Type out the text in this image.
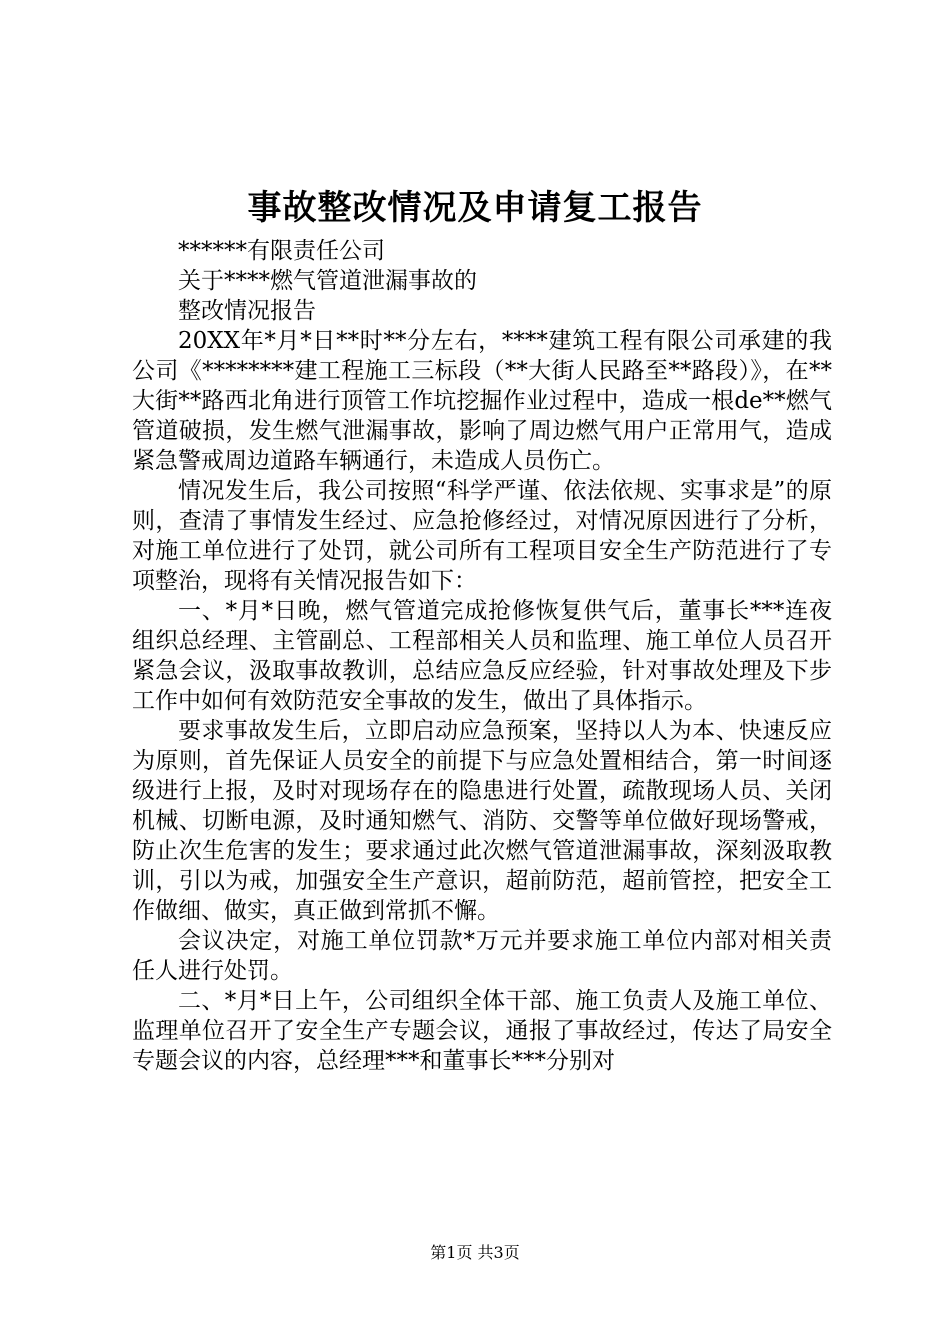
事故整改情况及申请复工报告

******有限责任公司

关于****燃气管道泄漏事故的

整改情况报告

20XX年*月*日**时**分左右，****建筑工程有限公司承建的我公司《********建工程施工三标段（**大街人民路至**路段）》，在**大街**路西北角进行顶管工作坑挖掘作业过程中，造成一根de**燃气管道破损，发生燃气泄漏事故，影响了周边燃气用户正常用气，造成紧急警戒周边道路车辆通行，未造成人员伤亡。

情况发生后，我公司按照“科学严谨、依法依规、实事求是”的原则，查清了事情发生经过、应急抢修经过，对情况原因进行了分析，对施工单位进行了处罚，就公司所有工程项目安全生产防范进行了专项整治，现将有关情况报告如下：

一、*月*日晚，燃气管道完成抢修恢复供气后，董事长***连夜组织总经理、主管副总、工程部相关人员和监理、施工单位人员召开紧急会议，汲取事故教训，总结应急反应经验，针对事故处理及下步工作中如何有效防范安全事故的发生，做出了具体指示。

要求事故发生后，立即启动应急预案，坚持以人为本、快速反应为原则，首先保证人员安全的前提下与应急处置相结合，第一时间逐级进行上报，及时对现场存在的隐患进行处置，疏散现场人员、关闭机械、切断电源，及时通知燃气、消防、交警等单位做好现场警戒，防止次生危害的发生；要求通过此次燃气管道泄漏事故，深刻汲取教训，引以为戒，加强安全生产意识，超前防范，超前管控，把安全工作做细、做实，真正做到常抓不懈。

会议决定，对施工单位罚款*万元并要求施工单位内部对相关责任人进行处罚。

二、*月*日上午，公司组织全体干部、施工负责人及施工单位、监理单位召开了安全生产专题会议，通报了事故经过，传达了局安全专题会议的内容，总经理***和董事长***分别对

第1页 共3页
